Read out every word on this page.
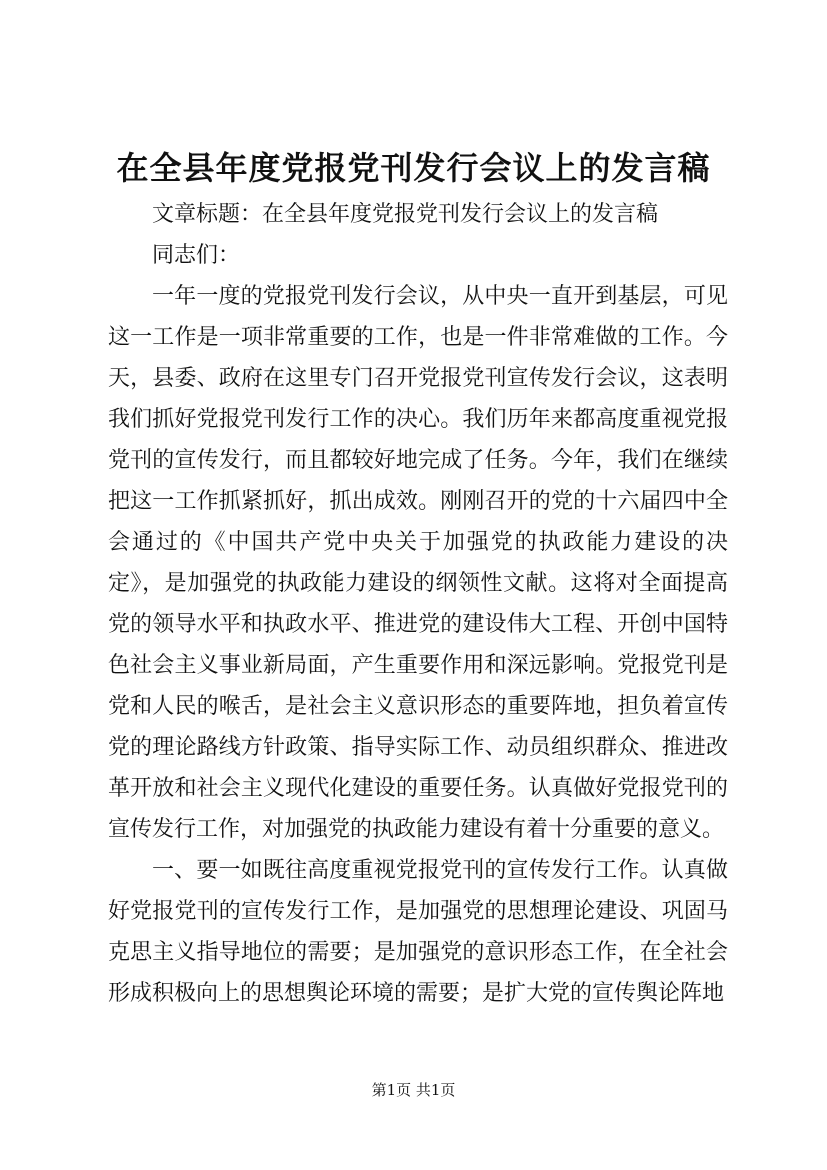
在全县年度党报党刊发行会议上的发言稿

文章标题：在全县年度党报党刊发行会议上的发言稿

同志们：

一年一度的党报党刊发行会议，从中央一直开到基层，可见这一工作是一项非常重要的工作，也是一件非常难做的工作。今天，县委、政府在这里专门召开党报党刊宣传发行会议，这表明我们抓好党报党刊发行工作的决心。我们历年来都高度重视党报党刊的宣传发行，而且都较好地完成了任务。今年，我们在继续把这一工作抓紧抓好，抓出成效。刚刚召开的党的十六届四中全会通过的《中国共产党中央关于加强党的执政能力建设的决定》，是加强党的执政能力建设的纲领性文献。这将对全面提高党的领导水平和执政水平、推进党的建设伟大工程、开创中国特色社会主义事业新局面，产生重要作用和深远影响。党报党刊是党和人民的喉舌，是社会主义意识形态的重要阵地，担负着宣传党的理论路线方针政策、指导实际工作、动员组织群众、推进改革开放和社会主义现代化建设的重要任务。认真做好党报党刊的宣传发行工作，对加强党的执政能力建设有着十分重要的意义。

一、要一如既往高度重视党报党刊的宣传发行工作。认真做好党报党刊的宣传发行工作，是加强党的思想理论建设、巩固马克思主义指导地位的需要；是加强党的意识形态工作，在全社会形成积极向上的思想舆论环境的需要；是扩大党的宣传舆论阵地

第1页 共1页
